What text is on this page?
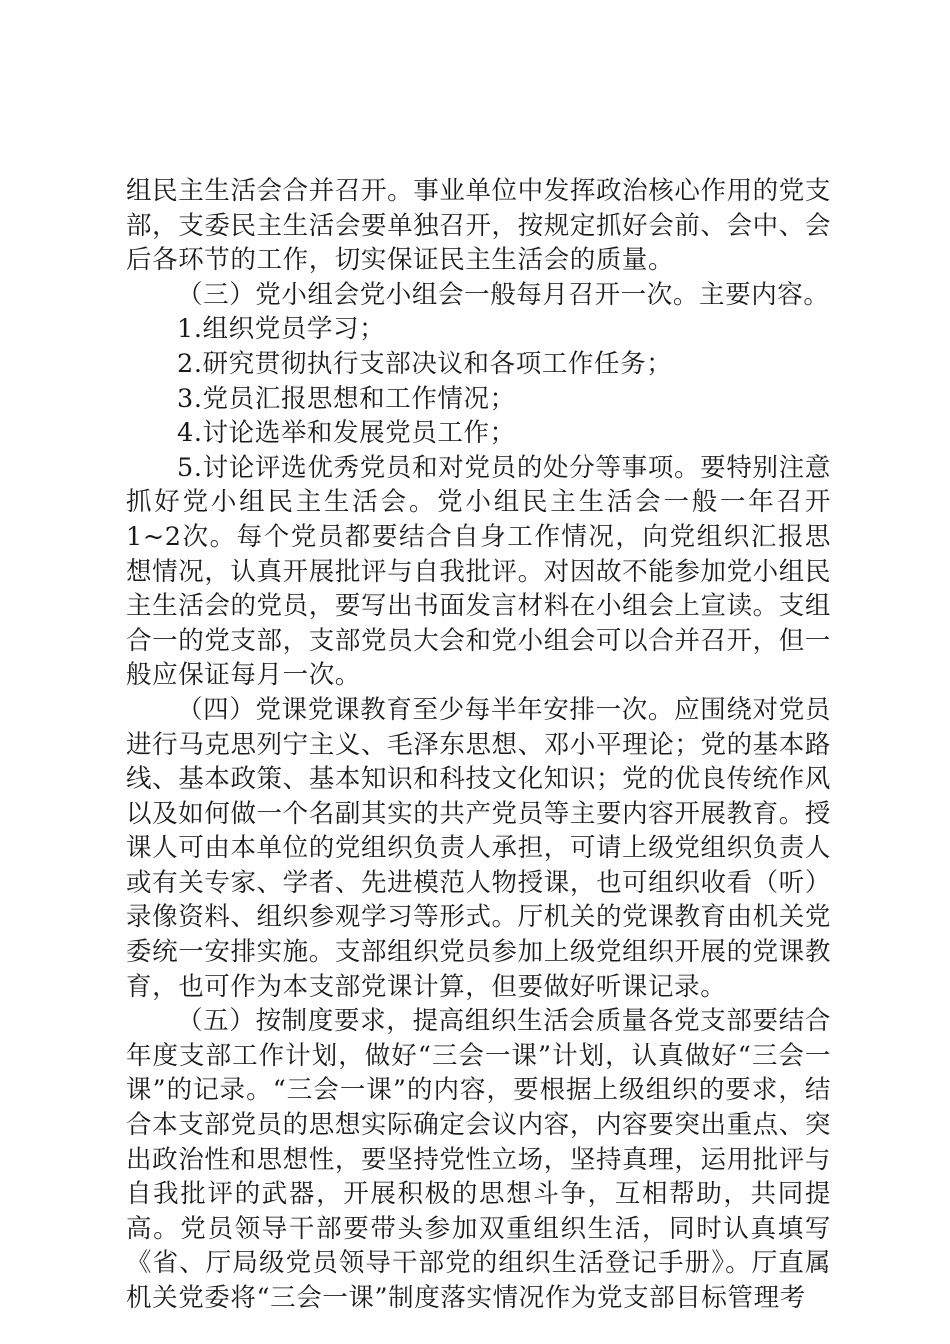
组民主生活会合并召开。事业单位中发挥政治核心作用的党支部，支委民主生活会要单独召开，按规定抓好会前、会中、会后各环节的工作，切实保证民主生活会的质量。

（三）党小组会党小组会一般每月召开一次。主要内容。

1.组织党员学习；

2.研究贯彻执行支部决议和各项工作任务；

3.党员汇报思想和工作情况；

4.讨论选举和发展党员工作；

5.讨论评选优秀党员和对党员的处分等事项。要特别注意抓好党小组民主生活会。党小组民主生活会一般一年召开1~2次。每个党员都要结合自身工作情况，向党组织汇报思想情况，认真开展批评与自我批评。对因故不能参加党小组民主生活会的党员，要写出书面发言材料在小组会上宣读。支组合一的党支部，支部党员大会和党小组会可以合并召开，但一般应保证每月一次。

（四）党课党课教育至少每半年安排一次。应围绕对党员进行马克思列宁主义、毛泽东思想、邓小平理论；党的基本路线、基本政策、基本知识和科技文化知识；党的优良传统作风以及如何做一个名副其实的共产党员等主要内容开展教育。授课人可由本单位的党组织负责人承担，可请上级党组织负责人或有关专家、学者、先进模范人物授课，也可组织收看（听）录像资料、组织参观学习等形式。厅机关的党课教育由机关党委统一安排实施。支部组织党员参加上级党组织开展的党课教育，也可作为本支部党课计算，但要做好听课记录。

（五）按制度要求，提高组织生活会质量各党支部要结合年度支部工作计划，做好“三会一课”计划，认真做好“三会一课”的记录。“三会一课”的内容，要根据上级组织的要求，结合本支部党员的思想实际确定会议内容，内容要突出重点、突出政治性和思想性，要坚持党性立场，坚持真理，运用批评与自我批评的武器，开展积极的思想斗争，互相帮助，共同提高。党员领导干部要带头参加双重组织生活，同时认真填写《省、厅局级党员领导干部党的组织生活登记手册》。厅直属机关党委将“三会一课”制度落实情况作为党支部目标管理考
